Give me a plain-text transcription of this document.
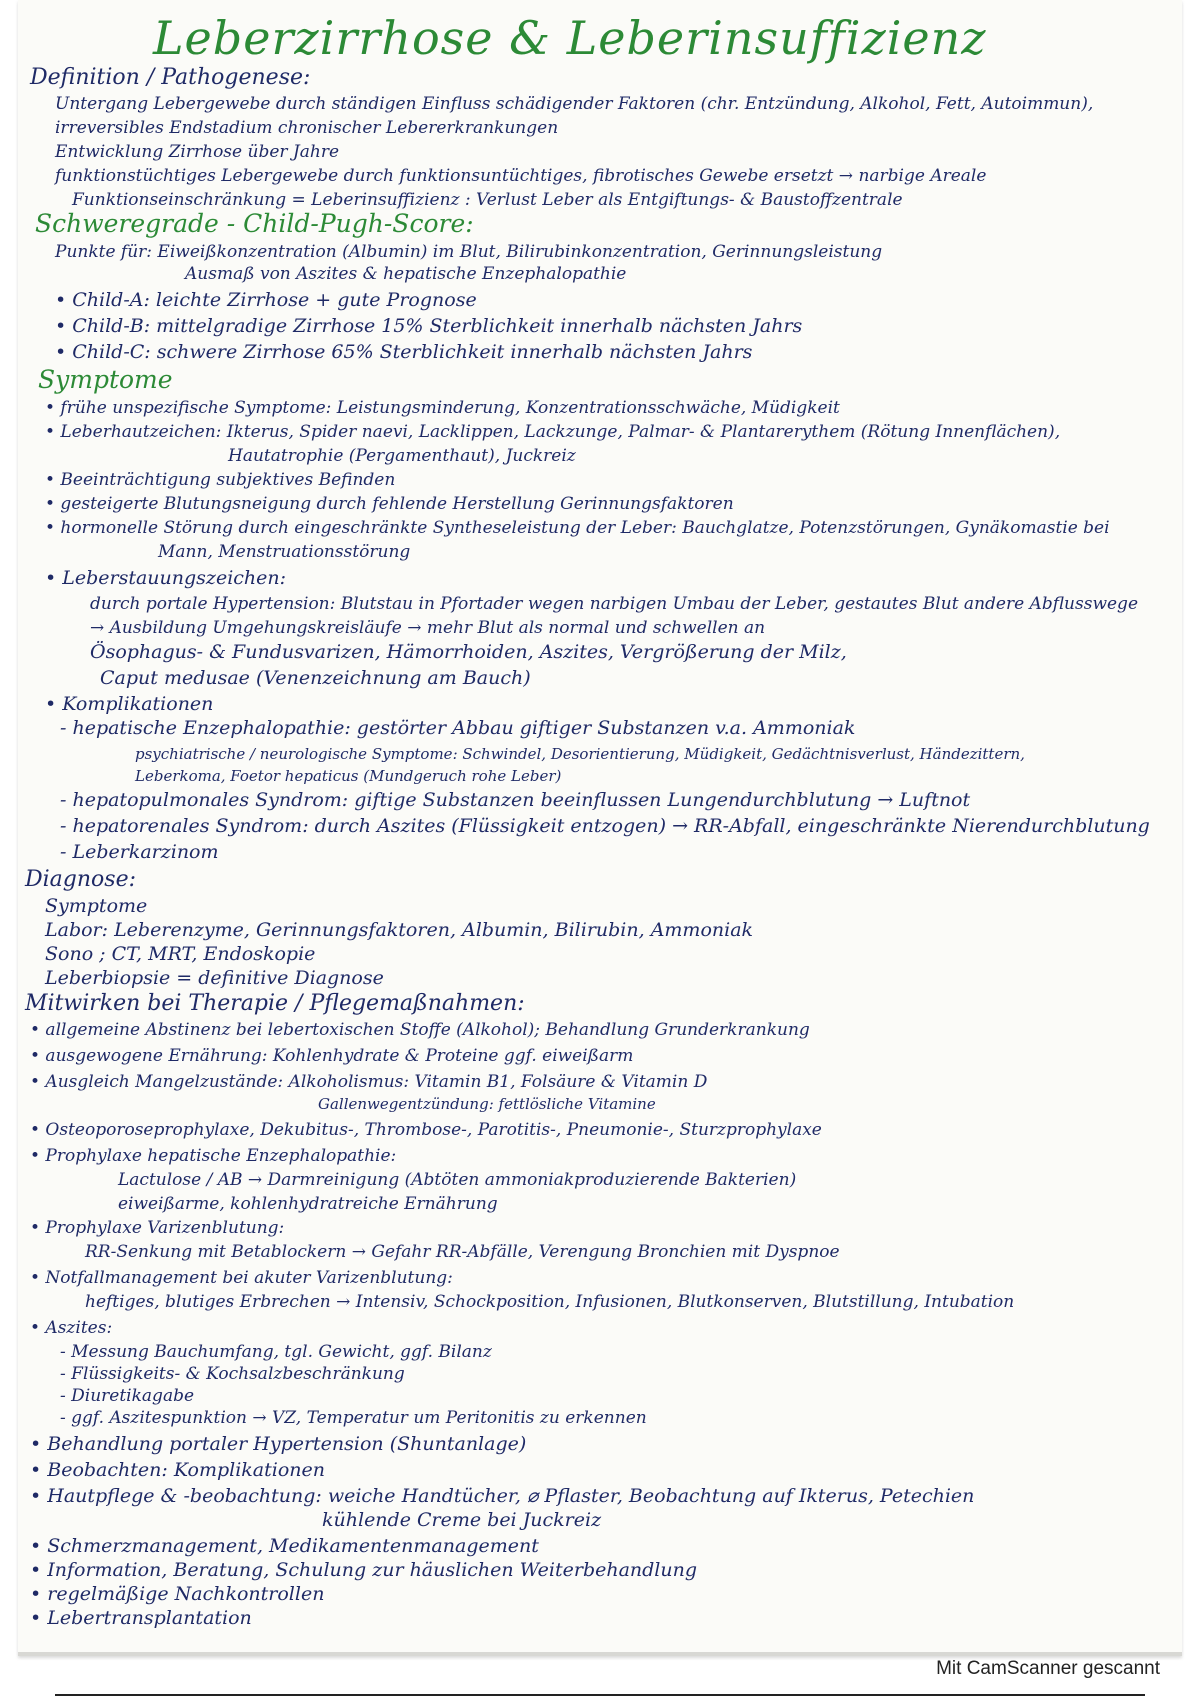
Leberzirrhose & Leberinsuffizienz
Definition / Pathogenese:
Untergang Lebergewebe durch ständigen Einfluss schädigender Faktoren (chr. Entzündung, Alkohol, Fett, Autoimmun),
irreversibles Endstadium chronischer Lebererkrankungen
Entwicklung Zirrhose über Jahre
funktionstüchtiges Lebergewebe durch funktionsuntüchtiges, fibrotisches Gewebe ersetzt → narbige Areale
Funktionseinschränkung = Leberinsuffizienz : Verlust Leber als Entgiftungs- & Baustoffzentrale
Schweregrade - Child-Pugh-Score:
Punkte für: Eiweißkonzentration (Albumin) im Blut, Bilirubinkonzentration, Gerinnungsleistung
Ausmaß von Aszites & hepatische Enzephalopathie
• Child-A: leichte Zirrhose + gute Prognose
• Child-B: mittelgradige Zirrhose 15% Sterblichkeit innerhalb nächsten Jahrs
• Child-C: schwere Zirrhose 65% Sterblichkeit innerhalb nächsten Jahrs
Symptome
• frühe unspezifische Symptome: Leistungsminderung, Konzentrationsschwäche, Müdigkeit
• Leberhautzeichen: Ikterus, Spider naevi, Lacklippen, Lackzunge, Palmar- & Plantarerythem (Rötung Innenflächen),
Hautatrophie (Pergamenthaut), Juckreiz
• Beeinträchtigung subjektives Befinden
• gesteigerte Blutungsneigung durch fehlende Herstellung Gerinnungsfaktoren
• hormonelle Störung durch eingeschränkte Syntheseleistung der Leber: Bauchglatze, Potenzstörungen, Gynäkomastie bei
Mann, Menstruationsstörung
• Leberstauungszeichen:
durch portale Hypertension: Blutstau in Pfortader wegen narbigen Umbau der Leber, gestautes Blut andere Abflusswege
→ Ausbildung Umgehungskreisläufe → mehr Blut als normal und schwellen an
Ösophagus- & Fundusvarizen, Hämorrhoiden, Aszites, Vergrößerung der Milz,
Caput medusae (Venenzeichnung am Bauch)
• Komplikationen
- hepatische Enzephalopathie: gestörter Abbau giftiger Substanzen v.a. Ammoniak
psychiatrische / neurologische Symptome: Schwindel, Desorientierung, Müdigkeit, Gedächtnisverlust, Händezittern,
Leberkoma, Foetor hepaticus (Mundgeruch rohe Leber)
- hepatopulmonales Syndrom: giftige Substanzen beeinflussen Lungendurchblutung → Luftnot
- hepatorenales Syndrom: durch Aszites (Flüssigkeit entzogen) → RR-Abfall, eingeschränkte Nierendurchblutung
- Leberkarzinom
Diagnose:
Symptome
Labor: Leberenzyme, Gerinnungsfaktoren, Albumin, Bilirubin, Ammoniak
Sono ; CT, MRT, Endoskopie
Leberbiopsie = definitive Diagnose
Mitwirken bei Therapie / Pflegemaßnahmen:
• allgemeine Abstinenz bei lebertoxischen Stoffe (Alkohol); Behandlung Grunderkrankung
• ausgewogene Ernährung: Kohlenhydrate & Proteine ggf. eiweißarm
• Ausgleich Mangelzustände: Alkoholismus: Vitamin B1, Folsäure & Vitamin D
Gallenwegentzündung: fettlösliche Vitamine
• Osteoporoseprophylaxe, Dekubitus-, Thrombose-, Parotitis-, Pneumonie-, Sturzprophylaxe
• Prophylaxe hepatische Enzephalopathie:
Lactulose / AB → Darmreinigung (Abtöten ammoniakproduzierende Bakterien)
eiweißarme, kohlenhydratreiche Ernährung
• Prophylaxe Varizenblutung:
RR-Senkung mit Betablockern → Gefahr RR-Abfälle, Verengung Bronchien mit Dyspnoe
• Notfallmanagement bei akuter Varizenblutung:
heftiges, blutiges Erbrechen → Intensiv, Schockposition, Infusionen, Blutkonserven, Blutstillung, Intubation
• Aszites:
- Messung Bauchumfang, tgl. Gewicht, ggf. Bilanz
- Flüssigkeits- & Kochsalzbeschränkung
- Diuretikagabe
- ggf. Aszitespunktion → VZ, Temperatur um Peritonitis zu erkennen
• Behandlung portaler Hypertension (Shuntanlage)
• Beobachten: Komplikationen
• Hautpflege & -beobachtung: weiche Handtücher, ⌀ Pflaster, Beobachtung auf Ikterus, Petechien
kühlende Creme bei Juckreiz
• Schmerzmanagement, Medikamentenmanagement
• Information, Beratung, Schulung zur häuslichen Weiterbehandlung
• regelmäßige Nachkontrollen
• Lebertransplantation
Mit CamScanner gescannt
